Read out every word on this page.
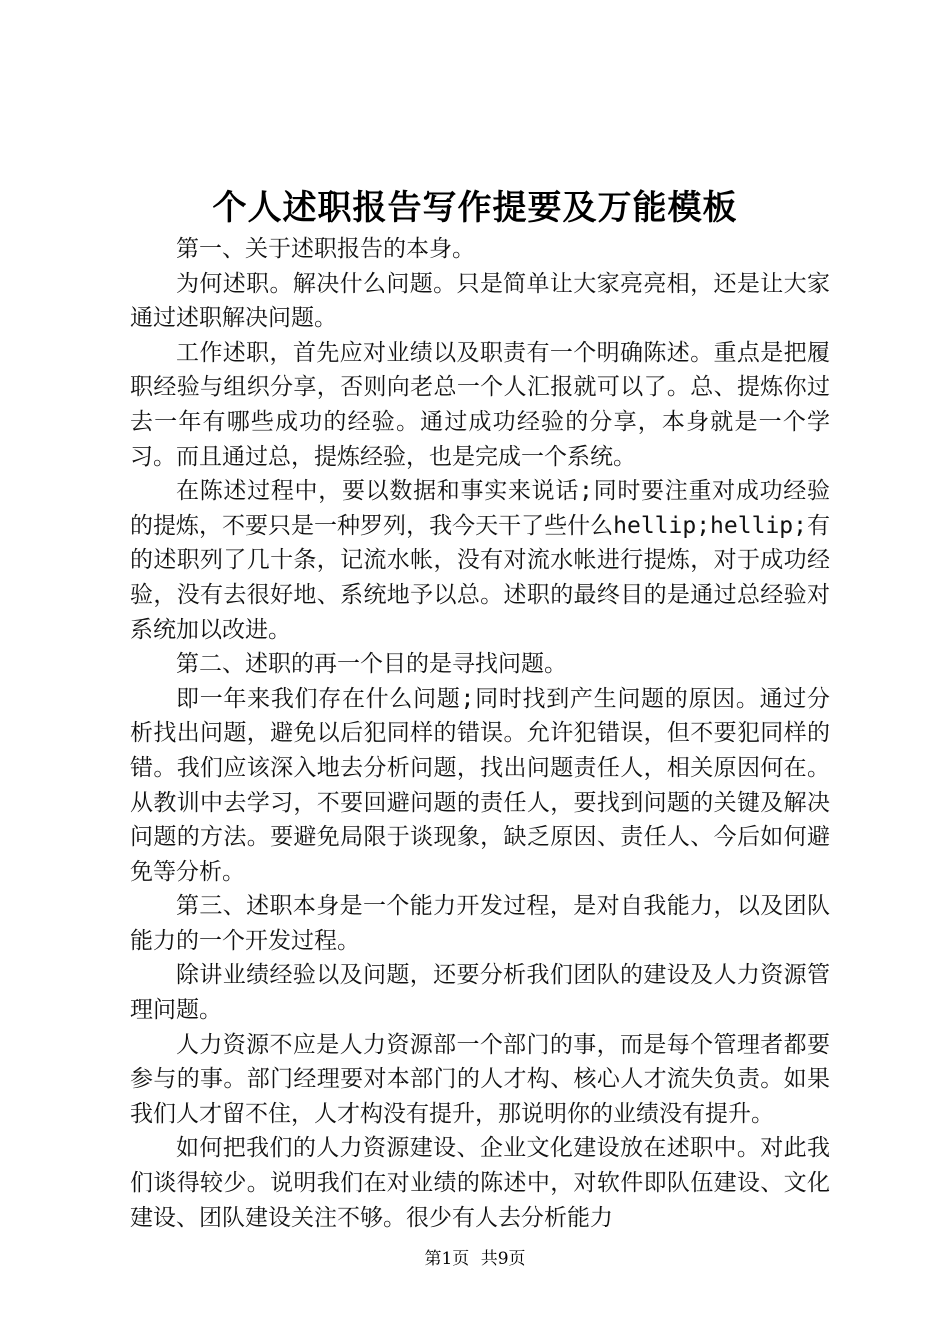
个人述职报告写作提要及万能模板

第一、关于述职报告的本身。

为何述职。解决什么问题。只是简单让大家亮亮相，还是让大家通过述职解决问题。

工作述职，首先应对业绩以及职责有一个明确陈述。重点是把履职经验与组织分享，否则向老总一个人汇报就可以了。总、提炼你过去一年有哪些成功的经验。通过成功经验的分享，本身就是一个学习。而且通过总，提炼经验，也是完成一个系统。

在陈述过程中，要以数据和事实来说话;同时要注重对成功经验的提炼，不要只是一种罗列，我今天干了些什么hellip;hellip;有的述职列了几十条，记流水帐，没有对流水帐进行提炼，对于成功经验，没有去很好地、系统地予以总。述职的最终目的是通过总经验对系统加以改进。

第二、述职的再一个目的是寻找问题。

即一年来我们存在什么问题;同时找到产生问题的原因。通过分析找出问题，避免以后犯同样的错误。允许犯错误，但不要犯同样的错。我们应该深入地去分析问题，找出问题责任人，相关原因何在。从教训中去学习，不要回避问题的责任人，要找到问题的关键及解决问题的方法。要避免局限于谈现象，缺乏原因、责任人、今后如何避免等分析。

第三、述职本身是一个能力开发过程，是对自我能力，以及团队能力的一个开发过程。

除讲业绩经验以及问题，还要分析我们团队的建设及人力资源管理问题。

人力资源不应是人力资源部一个部门的事，而是每个管理者都要参与的事。部门经理要对本部门的人才构、核心人才流失负责。如果我们人才留不住，人才构没有提升，那说明你的业绩没有提升。

如何把我们的人力资源建设、企业文化建设放在述职中。对此我们谈得较少。说明我们在对业绩的陈述中，对软件即队伍建设、文化建设、团队建设关注不够。很少有人去分析能力

第1页 共9页
